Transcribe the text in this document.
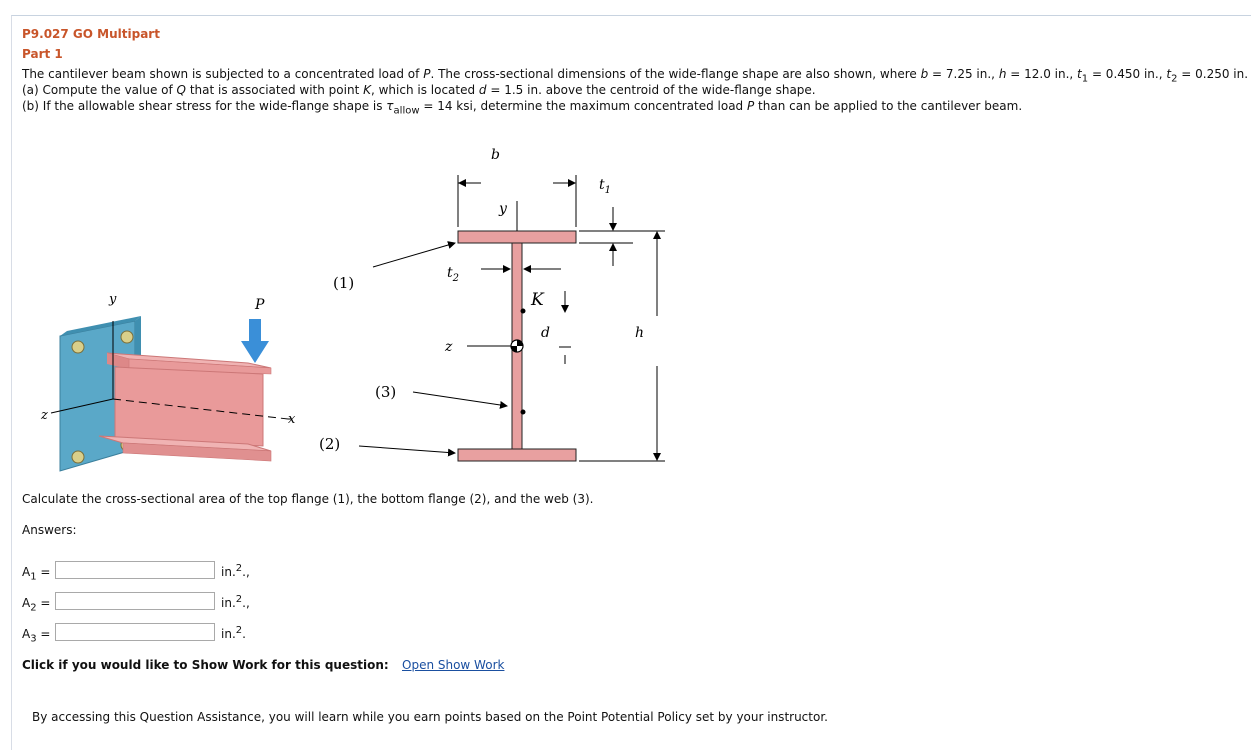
P9.027 GO Multipart
Part 1
The cantilever beam shown is subjected to a concentrated load of P. The cross-sectional dimensions of the wide-flange shape are also shown, where b = 7.25 in., h = 12.0 in., $t_1 = 0.450$ in., $t_2 = 0.250$ in.
(a) Compute the value of Q that is associated with point K, which is located d = 1.5 in. above the centroid of the wide-flange shape.
(b) If the allowable shear stress for the wide-flange shape is $\tau_{allow} = 14$ ksi, determine the maximum concentrated load P than can be applied to the cantilever beam.
y
z	x
P
b
y
$t_1$
h
$t_2$
K
d
z
(1)
(3)
(2)
Calculate the cross-sectional area of the top flange (1), the bottom flange (2), and the web (3).
Answers:
$A_1$ =	in.$^2$.,
$A_2$ =	in.$^2$.,
$A_3$ =	in.$^2$.
Click if you would like to Show Work for this question: Open Show Work
By accessing this Question Assistance, you will learn while you earn points based on the Point Potential Policy set by your instructor.
